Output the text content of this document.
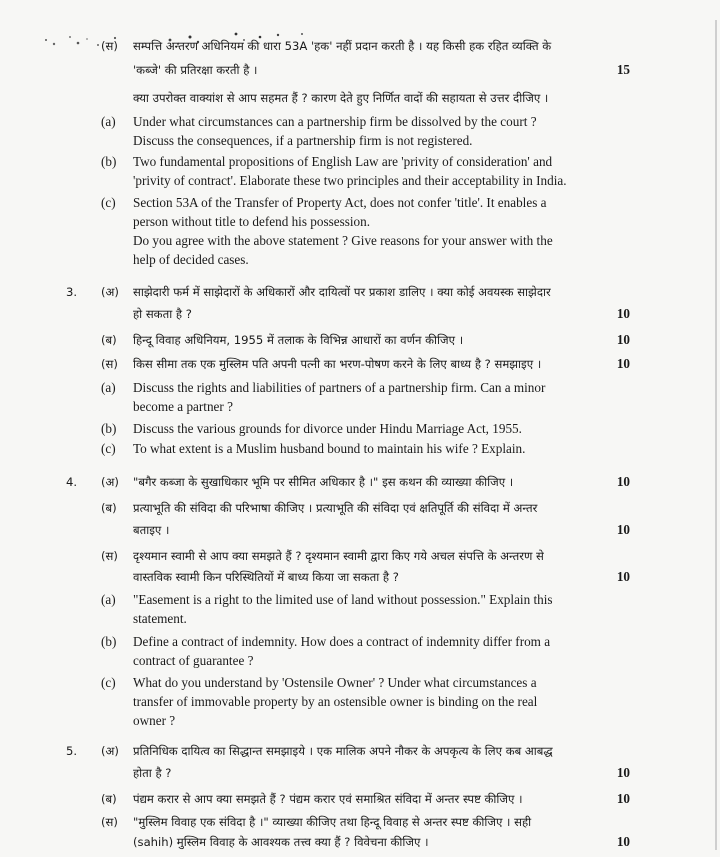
(स) सम्पत्ति अन्तरण अधिनियम की धारा 53A 'हक' नहीं प्रदान करती है । यह किसी हक रहित व्यक्ति के
'कब्जे' की प्रतिरक्षा करती है ।	15
क्या उपरोक्त वाक्यांश से आप सहमत हैं ? कारण देते हुए निर्णित वादों की सहायता से उत्तर दीजिए ।
(a) Under what circumstances can a partnership firm be dissolved by the court ?
Discuss the consequences, if a partnership firm is not registered.
(b) Two fundamental propositions of English Law are 'privity of consideration' and
'privity of contract'. Elaborate these two principles and their acceptability in India.
(c) Section 53A of the Transfer of Property Act, does not confer 'title'. It enables a
person without title to defend his possession.
Do you agree with the above statement ? Give reasons for your answer with the
help of decided cases.
3. (अ) साझेदारी फर्म में साझेदारों के अधिकारों और दायित्वों पर प्रकाश डालिए । क्या कोई अवयस्क साझेदार
हो सकता है ?	10
(ब) हिन्दू विवाह अधिनियम, 1955 में तलाक के विभिन्न आधारों का वर्णन कीजिए ।	10
(स) किस सीमा तक एक मुस्लिम पति अपनी पत्नी का भरण-पोषण करने के लिए बाध्य है ? समझाइए ।	10
(a) Discuss the rights and liabilities of partners of a partnership firm. Can a minor
become a partner ?
(b) Discuss the various grounds for divorce under Hindu Marriage Act, 1955.
(c) To what extent is a Muslim husband bound to maintain his wife ? Explain.
4. (अ) "बगैर कब्जा के सुखाधिकार भूमि पर सीमित अधिकार है ।" इस कथन की व्याख्या कीजिए ।	10
(ब) प्रत्याभूति की संविदा की परिभाषा कीजिए । प्रत्याभूति की संविदा एवं क्षतिपूर्ति की संविदा में अन्तर
बताइए ।	10
(स) दृश्यमान स्वामी से आप क्या समझते हैं ? दृश्यमान स्वामी द्वारा किए गये अचल संपत्ति के अन्तरण से
वास्तविक स्वामी किन परिस्थितियों में बाध्य किया जा सकता है ?	10
(a) "Easement is a right to the limited use of land without possession." Explain this
statement.
(b) Define a contract of indemnity. How does a contract of indemnity differ from a
contract of guarantee ?
(c) What do you understand by 'Ostensile Owner' ? Under what circumstances a
transfer of immovable property by an ostensible owner is binding on the real
owner ?
5. (अ) प्रतिनिधिक दायित्व का सिद्धान्त समझाइये । एक मालिक अपने नौकर के अपकृत्य के लिए कब आबद्ध
होता है ?	10
(ब) पंद्यम करार से आप क्या समझते हैं ? पंद्यम करार एवं समाश्रित संविदा में अन्तर स्पष्ट कीजिए ।	10
(स) "मुस्लिम विवाह एक संविदा है ।" व्याख्या कीजिए तथा हिन्दू विवाह से अन्तर स्पष्ट कीजिए । सही
(sahih) मुस्लिम विवाह के आवश्यक तत्त्व क्या हैं ? विवेचना कीजिए ।	10
